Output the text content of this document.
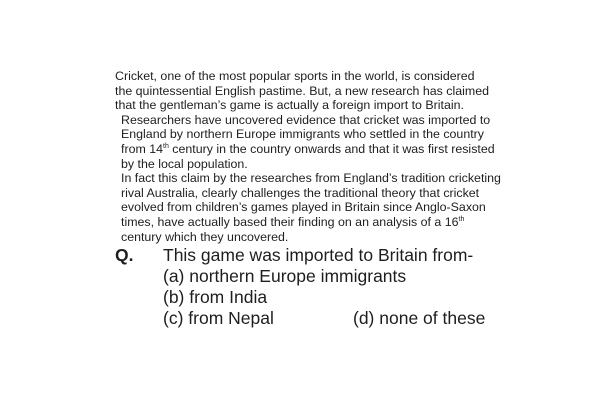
Cricket, one of the most popular sports in the world, is considered
the quintessential English pastime. But, a new research has claimed
that the gentleman’s game is actually a foreign import to Britain.

Researchers have uncovered evidence that cricket was imported to
England by northern Europe immigrants who settled in the country
from 14th century in the country onwards and that it was first resisted
by the local population.

In fact this claim by the researches from England’s tradition cricketing
rival Australia, clearly challenges the traditional theory that cricket
evolved from children’s games played in Britain since Anglo-Saxon
times, have actually based their finding on an analysis of a 16th
century which they uncovered.

Q. This game was imported to Britain from-
(a) northern Europe immigrants
(b) from India
(c) from Nepal	(d) none of these
